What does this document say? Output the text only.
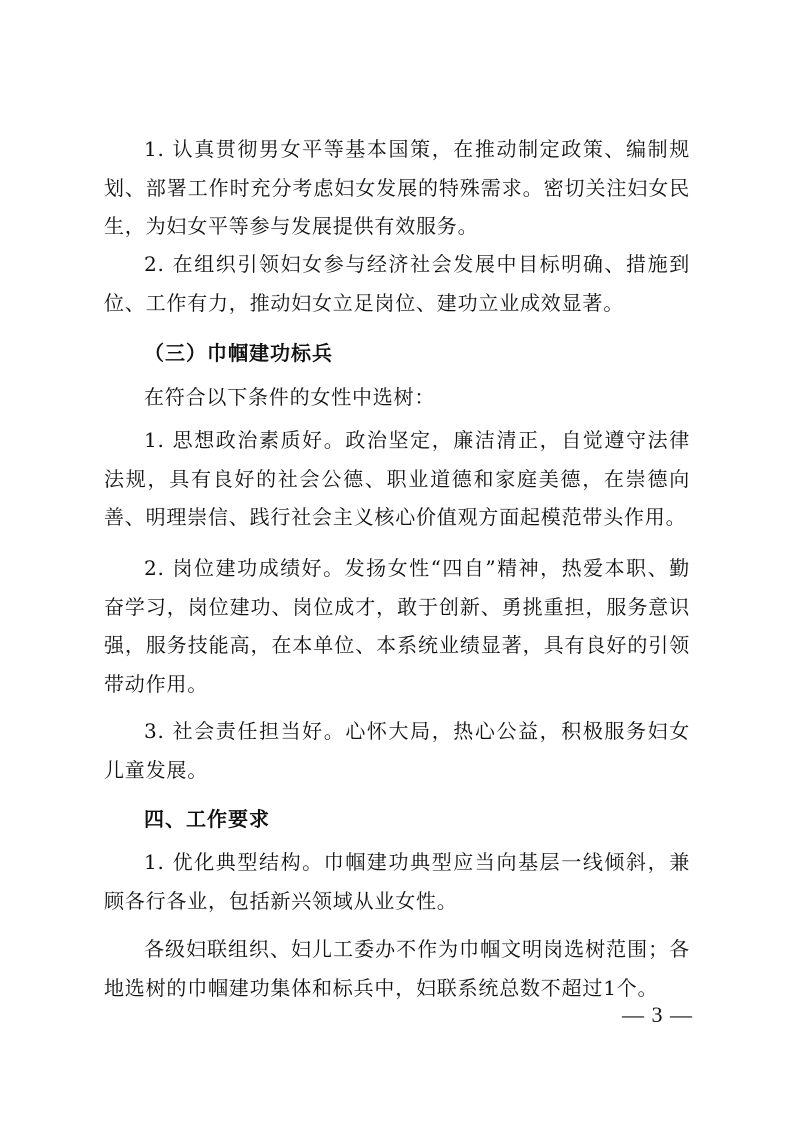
1. 认真贯彻男女平等基本国策，在推动制定政策、编制规划、部署工作时充分考虑妇女发展的特殊需求。密切关注妇女民生，为妇女平等参与发展提供有效服务。

2. 在组织引领妇女参与经济社会发展中目标明确、措施到位、工作有力，推动妇女立足岗位、建功立业成效显著。

（三）巾帼建功标兵

在符合以下条件的女性中选树：

1. 思想政治素质好。政治坚定，廉洁清正，自觉遵守法律法规，具有良好的社会公德、职业道德和家庭美德，在崇德向善、明理崇信、践行社会主义核心价值观方面起模范带头作用。

2. 岗位建功成绩好。发扬女性“四自”精神，热爱本职、勤奋学习，岗位建功、岗位成才，敢于创新、勇挑重担，服务意识强，服务技能高，在本单位、本系统业绩显著，具有良好的引领带动作用。

3. 社会责任担当好。心怀大局，热心公益，积极服务妇女儿童发展。

四、工作要求

1. 优化典型结构。巾帼建功典型应当向基层一线倾斜，兼顾各行各业，包括新兴领域从业女性。

各级妇联组织、妇儿工委办不作为巾帼文明岗选树范围；各地选树的巾帼建功集体和标兵中，妇联系统总数不超过1个。

— 3 —
